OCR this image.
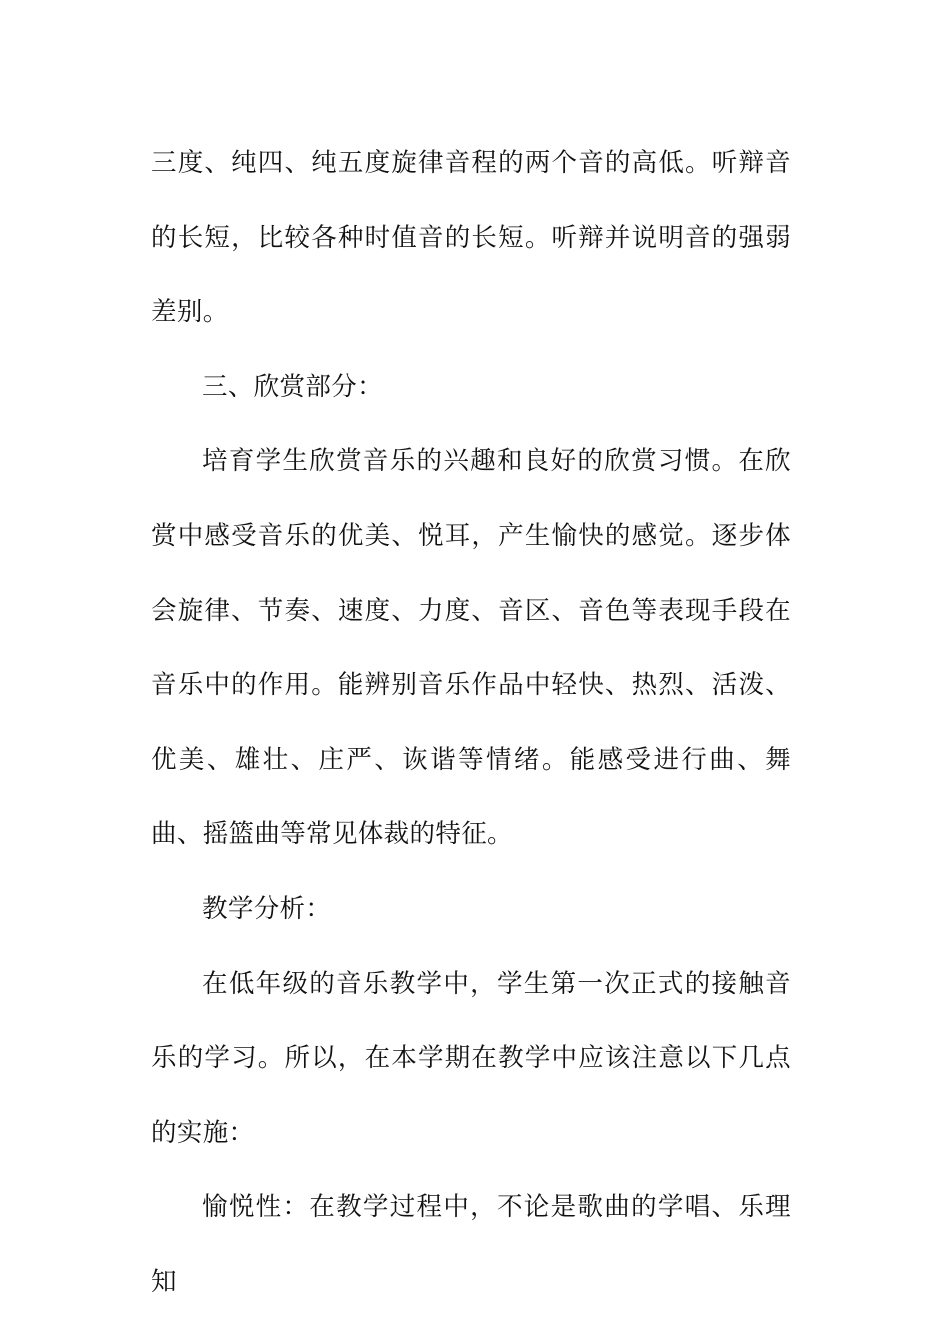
三度、纯四、纯五度旋律音程的两个音的高低。听辩音的长短，比较各种时值音的长短。听辩并说明音的强弱差别。

三、欣赏部分：

培育学生欣赏音乐的兴趣和良好的欣赏习惯。在欣赏中感受音乐的优美、悦耳，产生愉快的感觉。逐步体会旋律、节奏、速度、力度、音区、音色等表现手段在音乐中的作用。能辨别音乐作品中轻快、热烈、活泼、优美、雄壮、庄严、诙谐等情绪。能感受进行曲、舞曲、摇篮曲等常见体裁的特征。

教学分析：

在低年级的音乐教学中，学生第一次正式的接触音乐的学习。所以，在本学期在教学中应该注意以下几点的实施：

愉悦性：在教学过程中，不论是歌曲的学唱、乐理知
